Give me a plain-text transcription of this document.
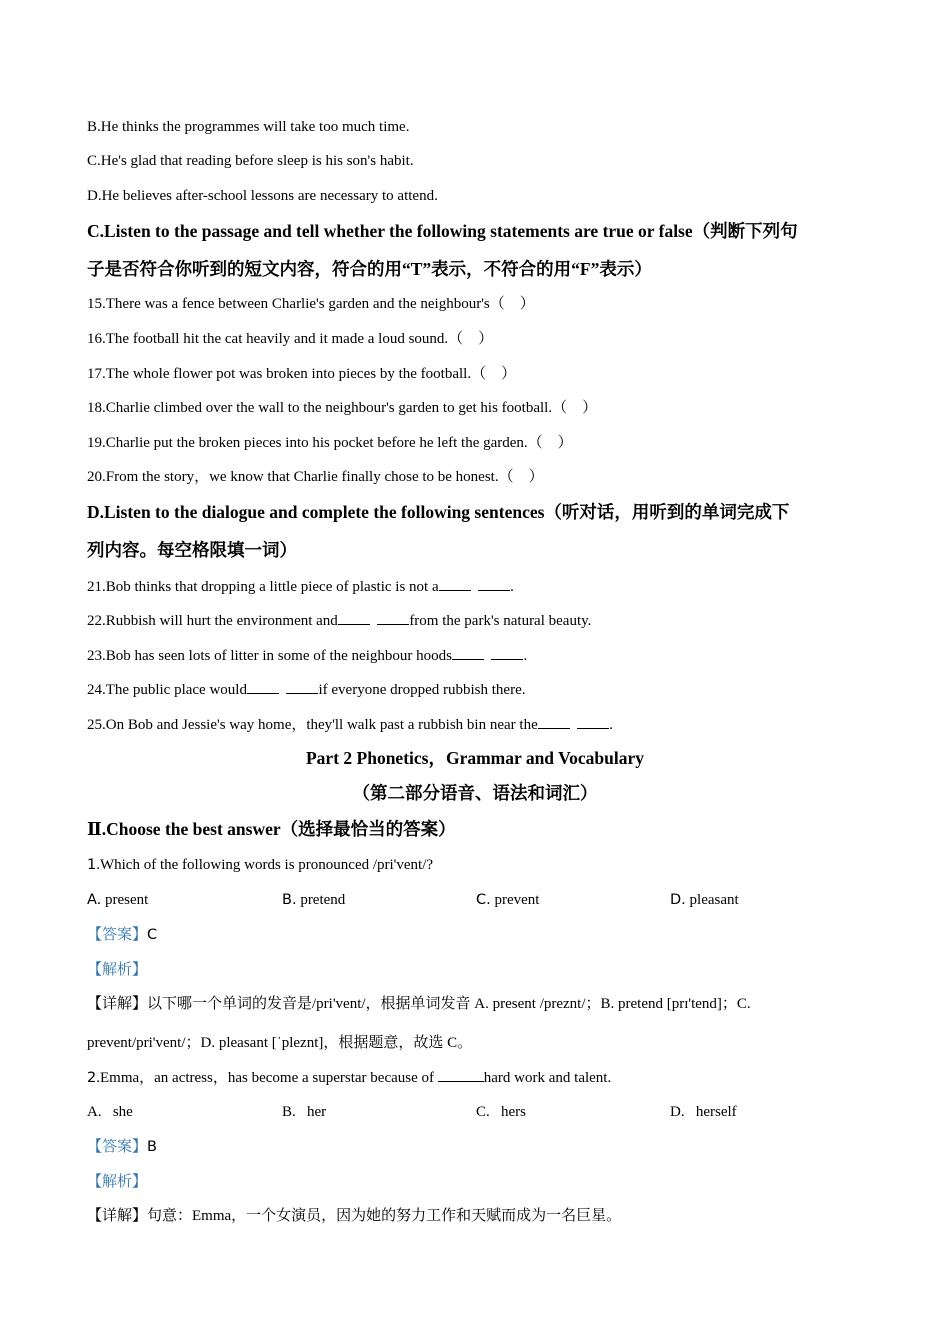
B.He thinks the programmes will take too much time.
C.He's glad that reading before sleep is his son's habit.
D.He believes after-school lessons are necessary to attend.
C.Listen to the passage and tell whether the following statements are true or false（判断下列句
子是否符合你听到的短文内容，符合的用“T”表示，不符合的用“F”表示）
15.There was a fence between Charlie's garden and the neighbour's（　）
16.The football hit the cat heavily and it made a loud sound.（　）
17.The whole flower pot was broken into pieces by the football.（　）
18.Charlie climbed over the wall to the neighbour's garden to get his football.（　）
19.Charlie put the broken pieces into his pocket before he left the garden.（　）
20.From the story，we know that Charlie finally chose to be honest.（　）
D.Listen to the dialogue and complete the following sentences（听对话，用听到的单词完成下
列内容。每空格限填一词）
21.Bob thinks that dropping a little piece of plastic is not a	.
22.Rubbish will hurt the environment and	from the park's natural beauty.
23.Bob has seen lots of litter in some of the neighbour hoods	.
24.The public place would	if everyone dropped rubbish there.
25.On Bob and Jessie's way home，they'll walk past a rubbish bin near the	.
Part 2 Phonetics，Grammar and Vocabulary
（第二部分语音、语法和词汇）
Ⅱ.Choose the best answer（选择最恰当的答案）
1.Which of the following words is pronounced /pri'vent/?
A. present	B. pretend	C. prevent	D. pleasant
【答案】C
【解析】
【详解】以下哪一个单词的发音是/pri'vent/，根据单词发音 A. present /preznt/；B. pretend [prɪ'tend]；C.
prevent/pri'vent/；D. pleasant [ˈpleznt]，根据题意，故选 C。
2.Emma，an actress，has become a superstar because of	hard work and talent.
A. she	B. her	C. hers	D. herself
【答案】B
【解析】
【详解】句意：Emma，一个女演员，因为她的努力工作和天赋而成为一名巨星。
